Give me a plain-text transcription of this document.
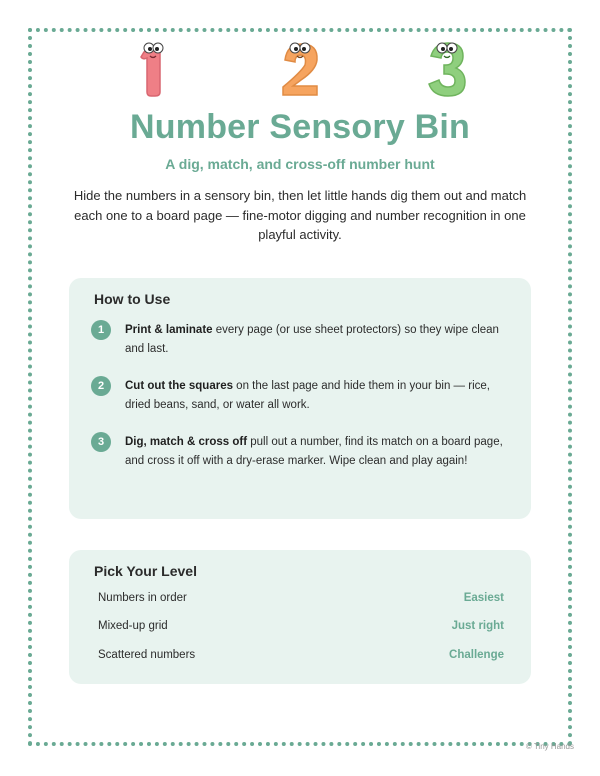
Number Sensory Bin
A dig, match, and cross-off number hunt
Hide the numbers in a sensory bin, then let little hands dig them out and match each one to a board page — fine-motor digging and number recognition in one playful activity.
How to Use
1	Print & laminate every page (or use sheet protectors) so they wipe clean and last.
2	Cut out the squares on the last page and hide them in your bin — rice, dried beans, sand, or water all work.
3	Dig, match & cross off pull out a number, find its match on a board page, and cross it off with a dry-erase marker. Wipe clean and play again!
Pick Your Level
Numbers in order	Easiest
Mixed-up grid	Just right
Scattered numbers	Challenge
© Tiny Hands
